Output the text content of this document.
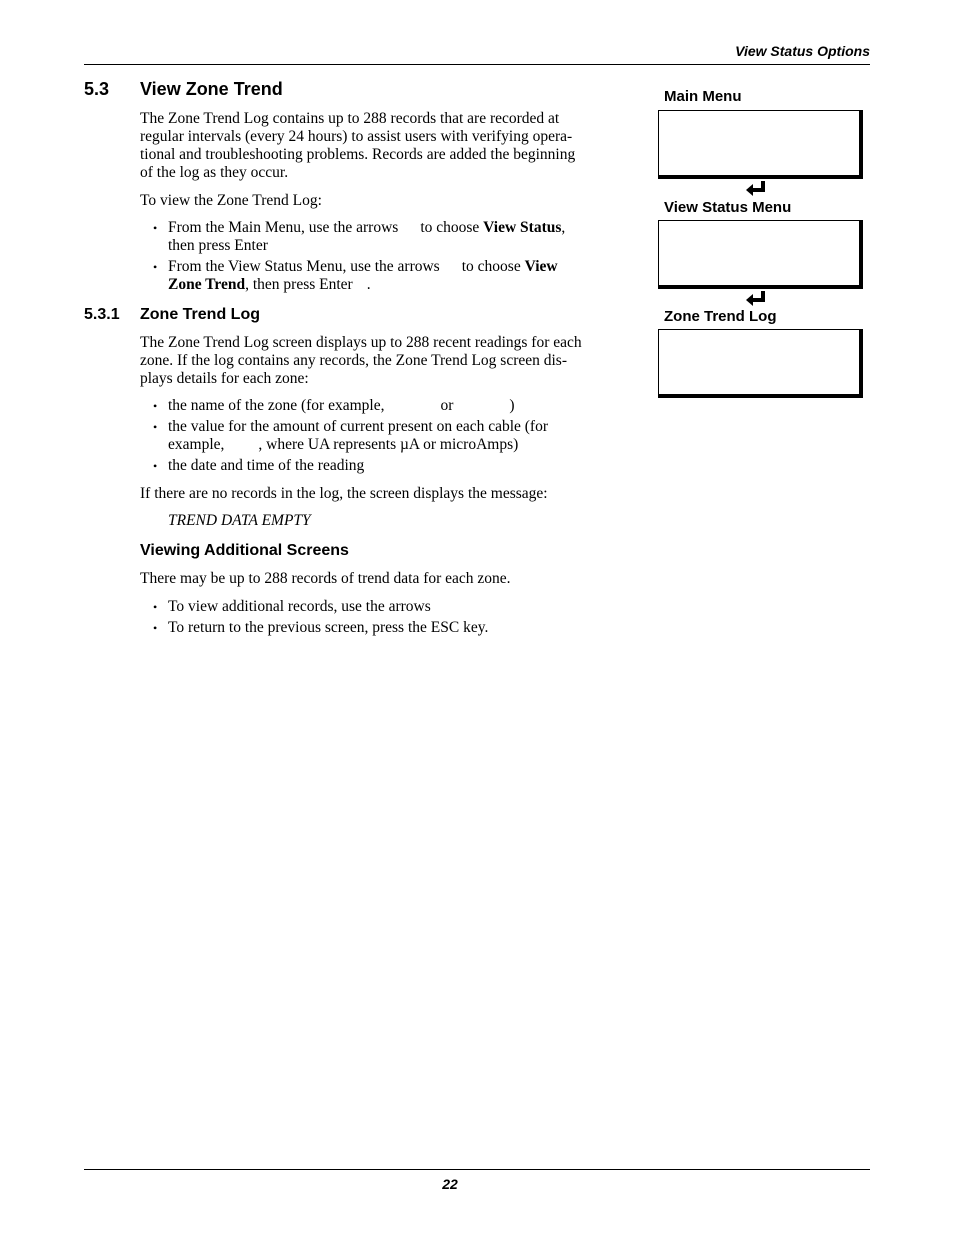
View Status Options
5.3 View Zone Trend
The Zone Trend Log contains up to 288 records that are recorded at
regular intervals (every 24 hours) to assist users with verifying opera-
tional and troubleshooting problems. Records are added the beginning
of the log as they occur.
To view the Zone Trend Log:
• From the Main Menu, use the arrows to choose View Status,
then press Enter
• From the View Status Menu, use the arrows to choose View
Zone Trend, then press Enter .
5.3.1 Zone Trend Log
The Zone Trend Log screen displays up to 288 recent readings for each
zone. If the log contains any records, the Zone Trend Log screen dis-
plays details for each zone:
• the name of the zone (for example,	or	)
• the value for the amount of current present on each cable (for
example, , where UA represents µA or microAmps)
• the date and time of the reading
If there are no records in the log, the screen displays the message:
TREND DATA EMPTY
Viewing Additional Screens
There may be up to 288 records of trend data for each zone.
• To view additional records, use the arrows
• To return to the previous screen, press the ESC key.
Main Menu
View Status Menu
Zone Trend Log
22
